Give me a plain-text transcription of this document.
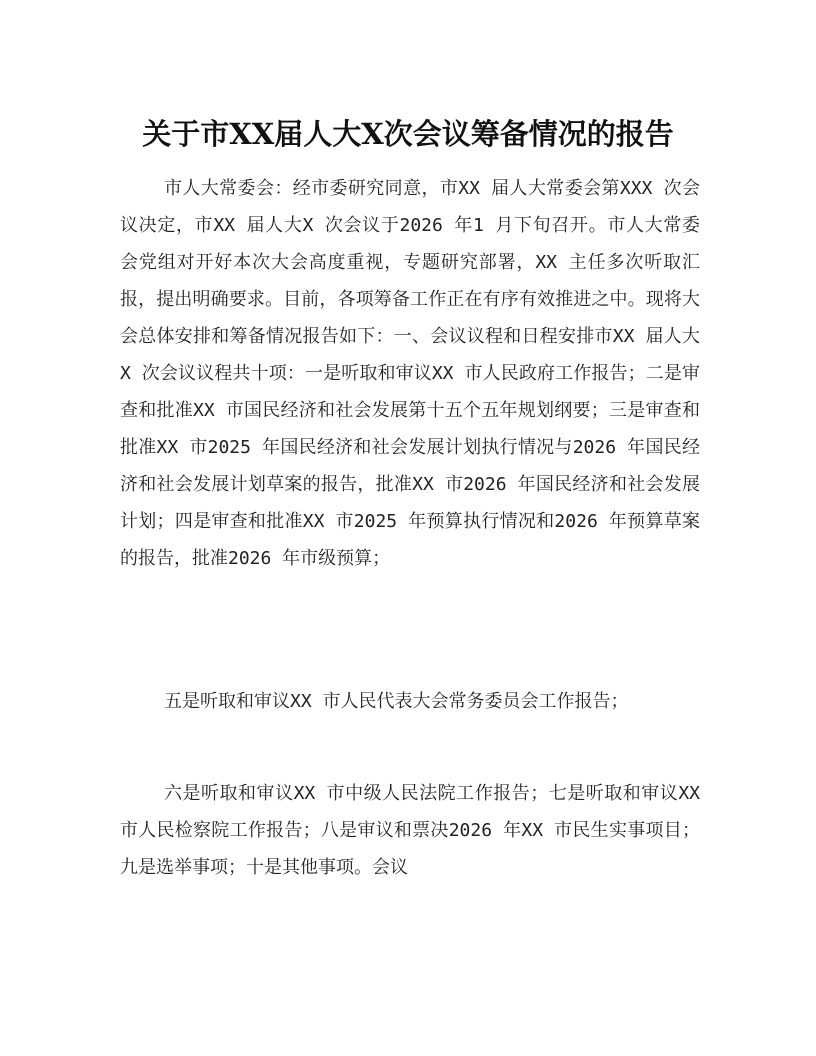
关于市XX届人大X次会议筹备情况的报告

市人大常委会：经市委研究同意，市XX 届人大常委会第XXX 次会议决定，市XX 届人大X 次会议于2026 年1 月下旬召开。市人大常委会党组对开好本次大会高度重视，专题研究部署，XX 主任多次听取汇报，提出明确要求。目前，各项筹备工作正在有序有效推进之中。现将大会总体安排和筹备情况报告如下：一、会议议程和日程安排市XX 届人大X 次会议议程共十项：一是听取和审议XX 市人民政府工作报告；二是审查和批准XX 市国民经济和社会发展第十五个五年规划纲要；三是审查和批准XX 市2025 年国民经济和社会发展计划执行情况与2026 年国民经济和社会发展计划草案的报告，批准XX 市2026 年国民经济和社会发展计划；四是审查和批准XX 市2025 年预算执行情况和2026 年预算草案的报告，批准2026 年市级预算；

五是听取和审议XX 市人民代表大会常务委员会工作报告；

六是听取和审议XX 市中级人民法院工作报告；七是听取和审议XX 市人民检察院工作报告；八是审议和票决2026 年XX 市民生实事项目；九是选举事项；十是其他事项。会议
